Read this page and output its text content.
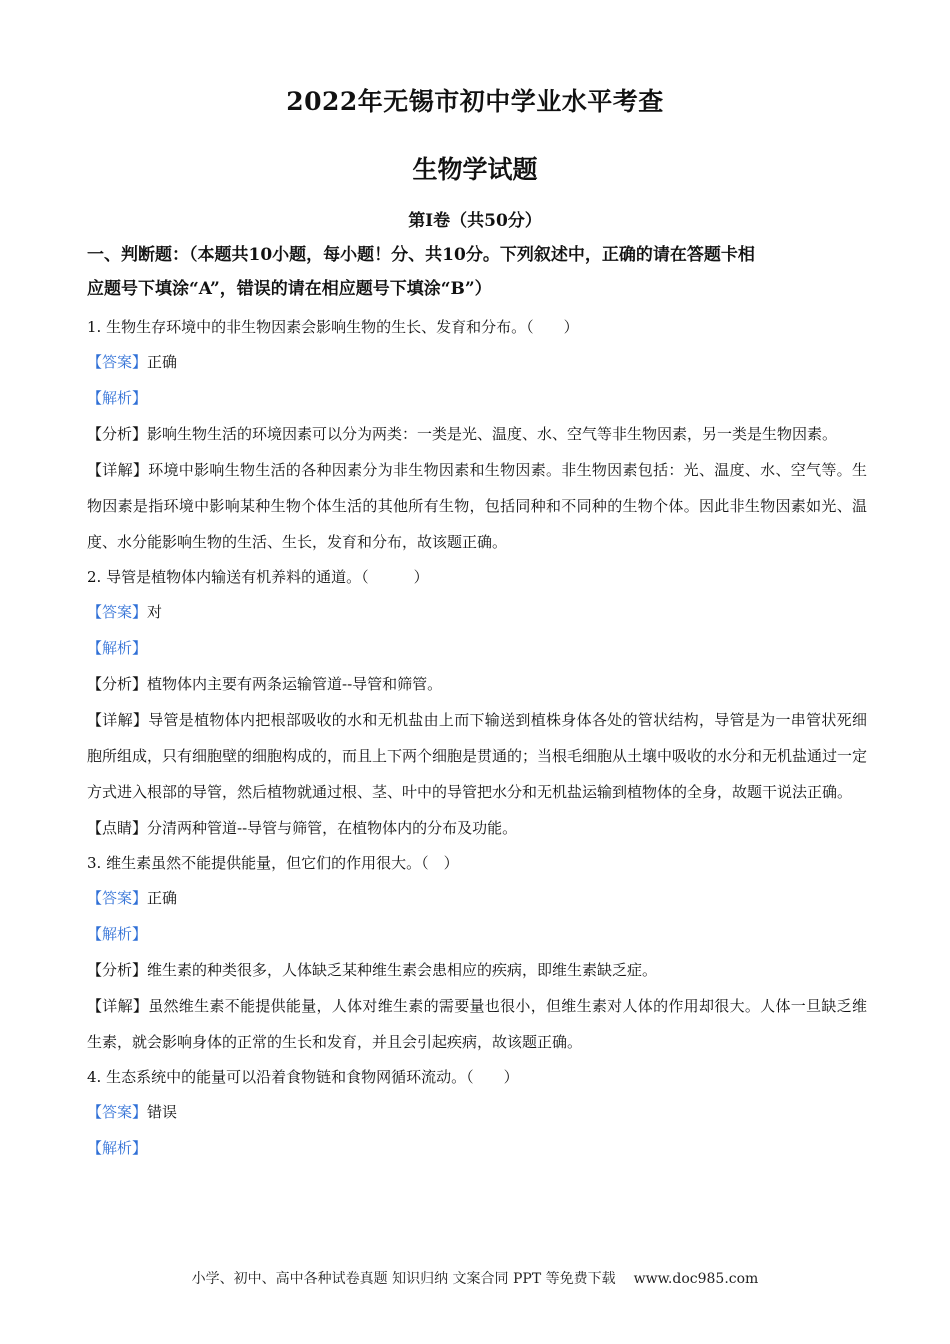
2022年无锡市初中学业水平考查
生物学试题
第Ⅰ卷（共50分）
一、判断题：（本题共10小题，每小题！分、共10分。下列叙述中，正确的请在答题卡相
应题号下填涂“A”，错误的请在相应题号下填涂“B”）
1. 生物生存环境中的非生物因素会影响生物的生长、发育和分布。（　　）
【答案】正确
【解析】
【分析】影响生物生活的环境因素可以分为两类：一类是光、温度、水、空气等非生物因素，另一类是生物因素。
【详解】环境中影响生物生活的各种因素分为非生物因素和生物因素。非生物因素包括：光、温度、水、空气等。生物因素是指环境中影响某种生物个体生活的其他所有生物，包括同种和不同种的生物个体。因此非生物因素如光、温度、水分能影响生物的生活、生长，发育和分布，故该题正确。
2. 导管是植物体内输送有机养料的通道。（　　　）
【答案】对
【解析】
【分析】植物体内主要有两条运输管道--导管和筛管。
【详解】导管是植物体内把根部吸收的水和无机盐由上而下输送到植株身体各处的管状结构，导管是为一串管状死细胞所组成，只有细胞壁的细胞构成的，而且上下两个细胞是贯通的；当根毛细胞从土壤中吸收的水分和无机盐通过一定方式进入根部的导管，然后植物就通过根、茎、叶中的导管把水分和无机盐运输到植物体的全身，故题干说法正确。
【点睛】分清两种管道--导管与筛管，在植物体内的分布及功能。
3. 维生素虽然不能提供能量，但它们的作用很大。（　）
【答案】正确
【解析】
【分析】维生素的种类很多，人体缺乏某种维生素会患相应的疾病，即维生素缺乏症。
【详解】虽然维生素不能提供能量，人体对维生素的需要量也很小，但维生素对人体的作用却很大。人体一旦缺乏维生素，就会影响身体的正常的生长和发育，并且会引起疾病，故该题正确。
4. 生态系统中的能量可以沿着食物链和食物网循环流动。（　　）
【答案】错误
【解析】
小学、初中、高中各种试卷真题 知识归纳 文案合同 PPT 等免费下载 www.doc985.com
